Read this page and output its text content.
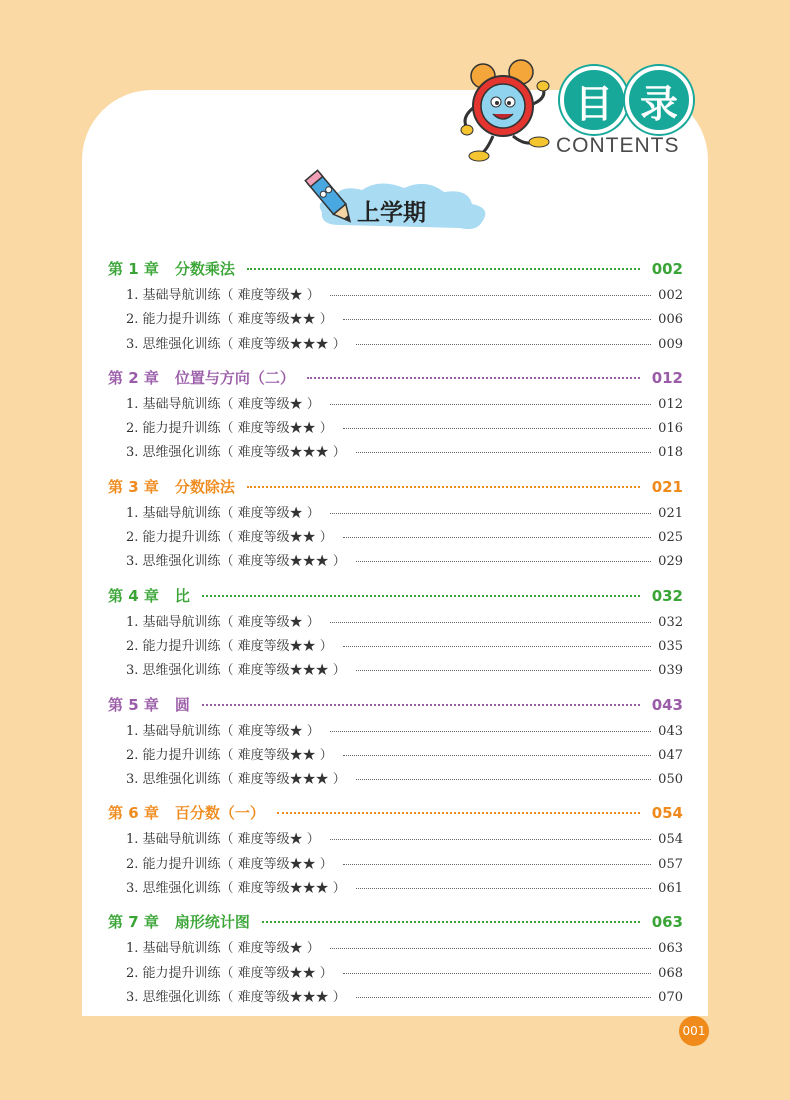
目 录
CONTENTS
上学期
第 1 章 分数乘法	002
1. 基础导航训练（ 难度等级★ ）	002
2. 能力提升训练（ 难度等级★★ ）	006
3. 思维强化训练（ 难度等级★★★ ）	009
第 2 章 位置与方向（二）	012
1. 基础导航训练（ 难度等级★ ）	012
2. 能力提升训练（ 难度等级★★ ）	016
3. 思维强化训练（ 难度等级★★★ ）	018
第 3 章 分数除法	021
1. 基础导航训练（ 难度等级★ ）	021
2. 能力提升训练（ 难度等级★★ ）	025
3. 思维强化训练（ 难度等级★★★ ）	029
第 4 章 比	032
1. 基础导航训练（ 难度等级★ ）	032
2. 能力提升训练（ 难度等级★★ ）	035
3. 思维强化训练（ 难度等级★★★ ）	039
第 5 章 圆	043
1. 基础导航训练（ 难度等级★ ）	043
2. 能力提升训练（ 难度等级★★ ）	047
3. 思维强化训练（ 难度等级★★★ ）	050
第 6 章 百分数（一）	054
1. 基础导航训练（ 难度等级★ ）	054
2. 能力提升训练（ 难度等级★★ ）	057
3. 思维强化训练（ 难度等级★★★ ）	061
第 7 章 扇形统计图	063
1. 基础导航训练（ 难度等级★ ）	063
2. 能力提升训练（ 难度等级★★ ）	068
3. 思维强化训练（ 难度等级★★★ ）	070
001
